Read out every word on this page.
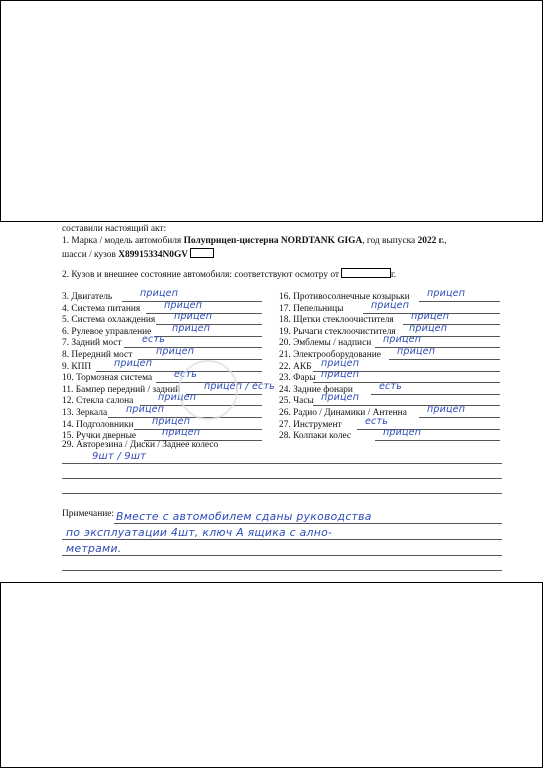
составили настоящий акт:
1. Марка / модель автомобиля Полуприцеп-цистерна NORDTANK GIGA, год выпуска 2022 г.,
шасси / кузов X89915334N0GV
2. Кузов и внешнее состояние автомобиля: соответствуют осмотру от	г.
3. Двигатель	прицеп
4. Система питания	прицеп
5. Система охлаждения прицеп
6. Рулевое управление прицеп
7. Задний мост есть
8. Передний мост прицеп
9. КПП прицеп
10. Тормозная система есть
11. Бампер передний / задний	прицеп / есть
12. Стекла салона	прицеп
13. Зеркала прицеп
14. Подголовники прицеп
15. Ручки дверные	прицеп
16. Противосолнечные козырьки прицеп
17. Пепельницы	прицеп
18. Щетки стеклоочистителя прицеп
19. Рычаги стеклоочистителя прицеп
20. Эмблемы / надписи прицеп
21. Электрооборудование прицеп
22. АКБ прицеп
23. Фары прицеп
24. Задние фонари	есть
25. Часы прицеп
26. Радио / Динамики / Антенна прицеп
27. Инструмент есть
28. Колпаки колес	прицеп
29. Авторезина / Диски / Заднее колесо
9шт / 9шт
Примечание: Вместе с автомобилем сданы руководства
по эксплуатации 4шт, ключ А ящика с ално-
метрами.
